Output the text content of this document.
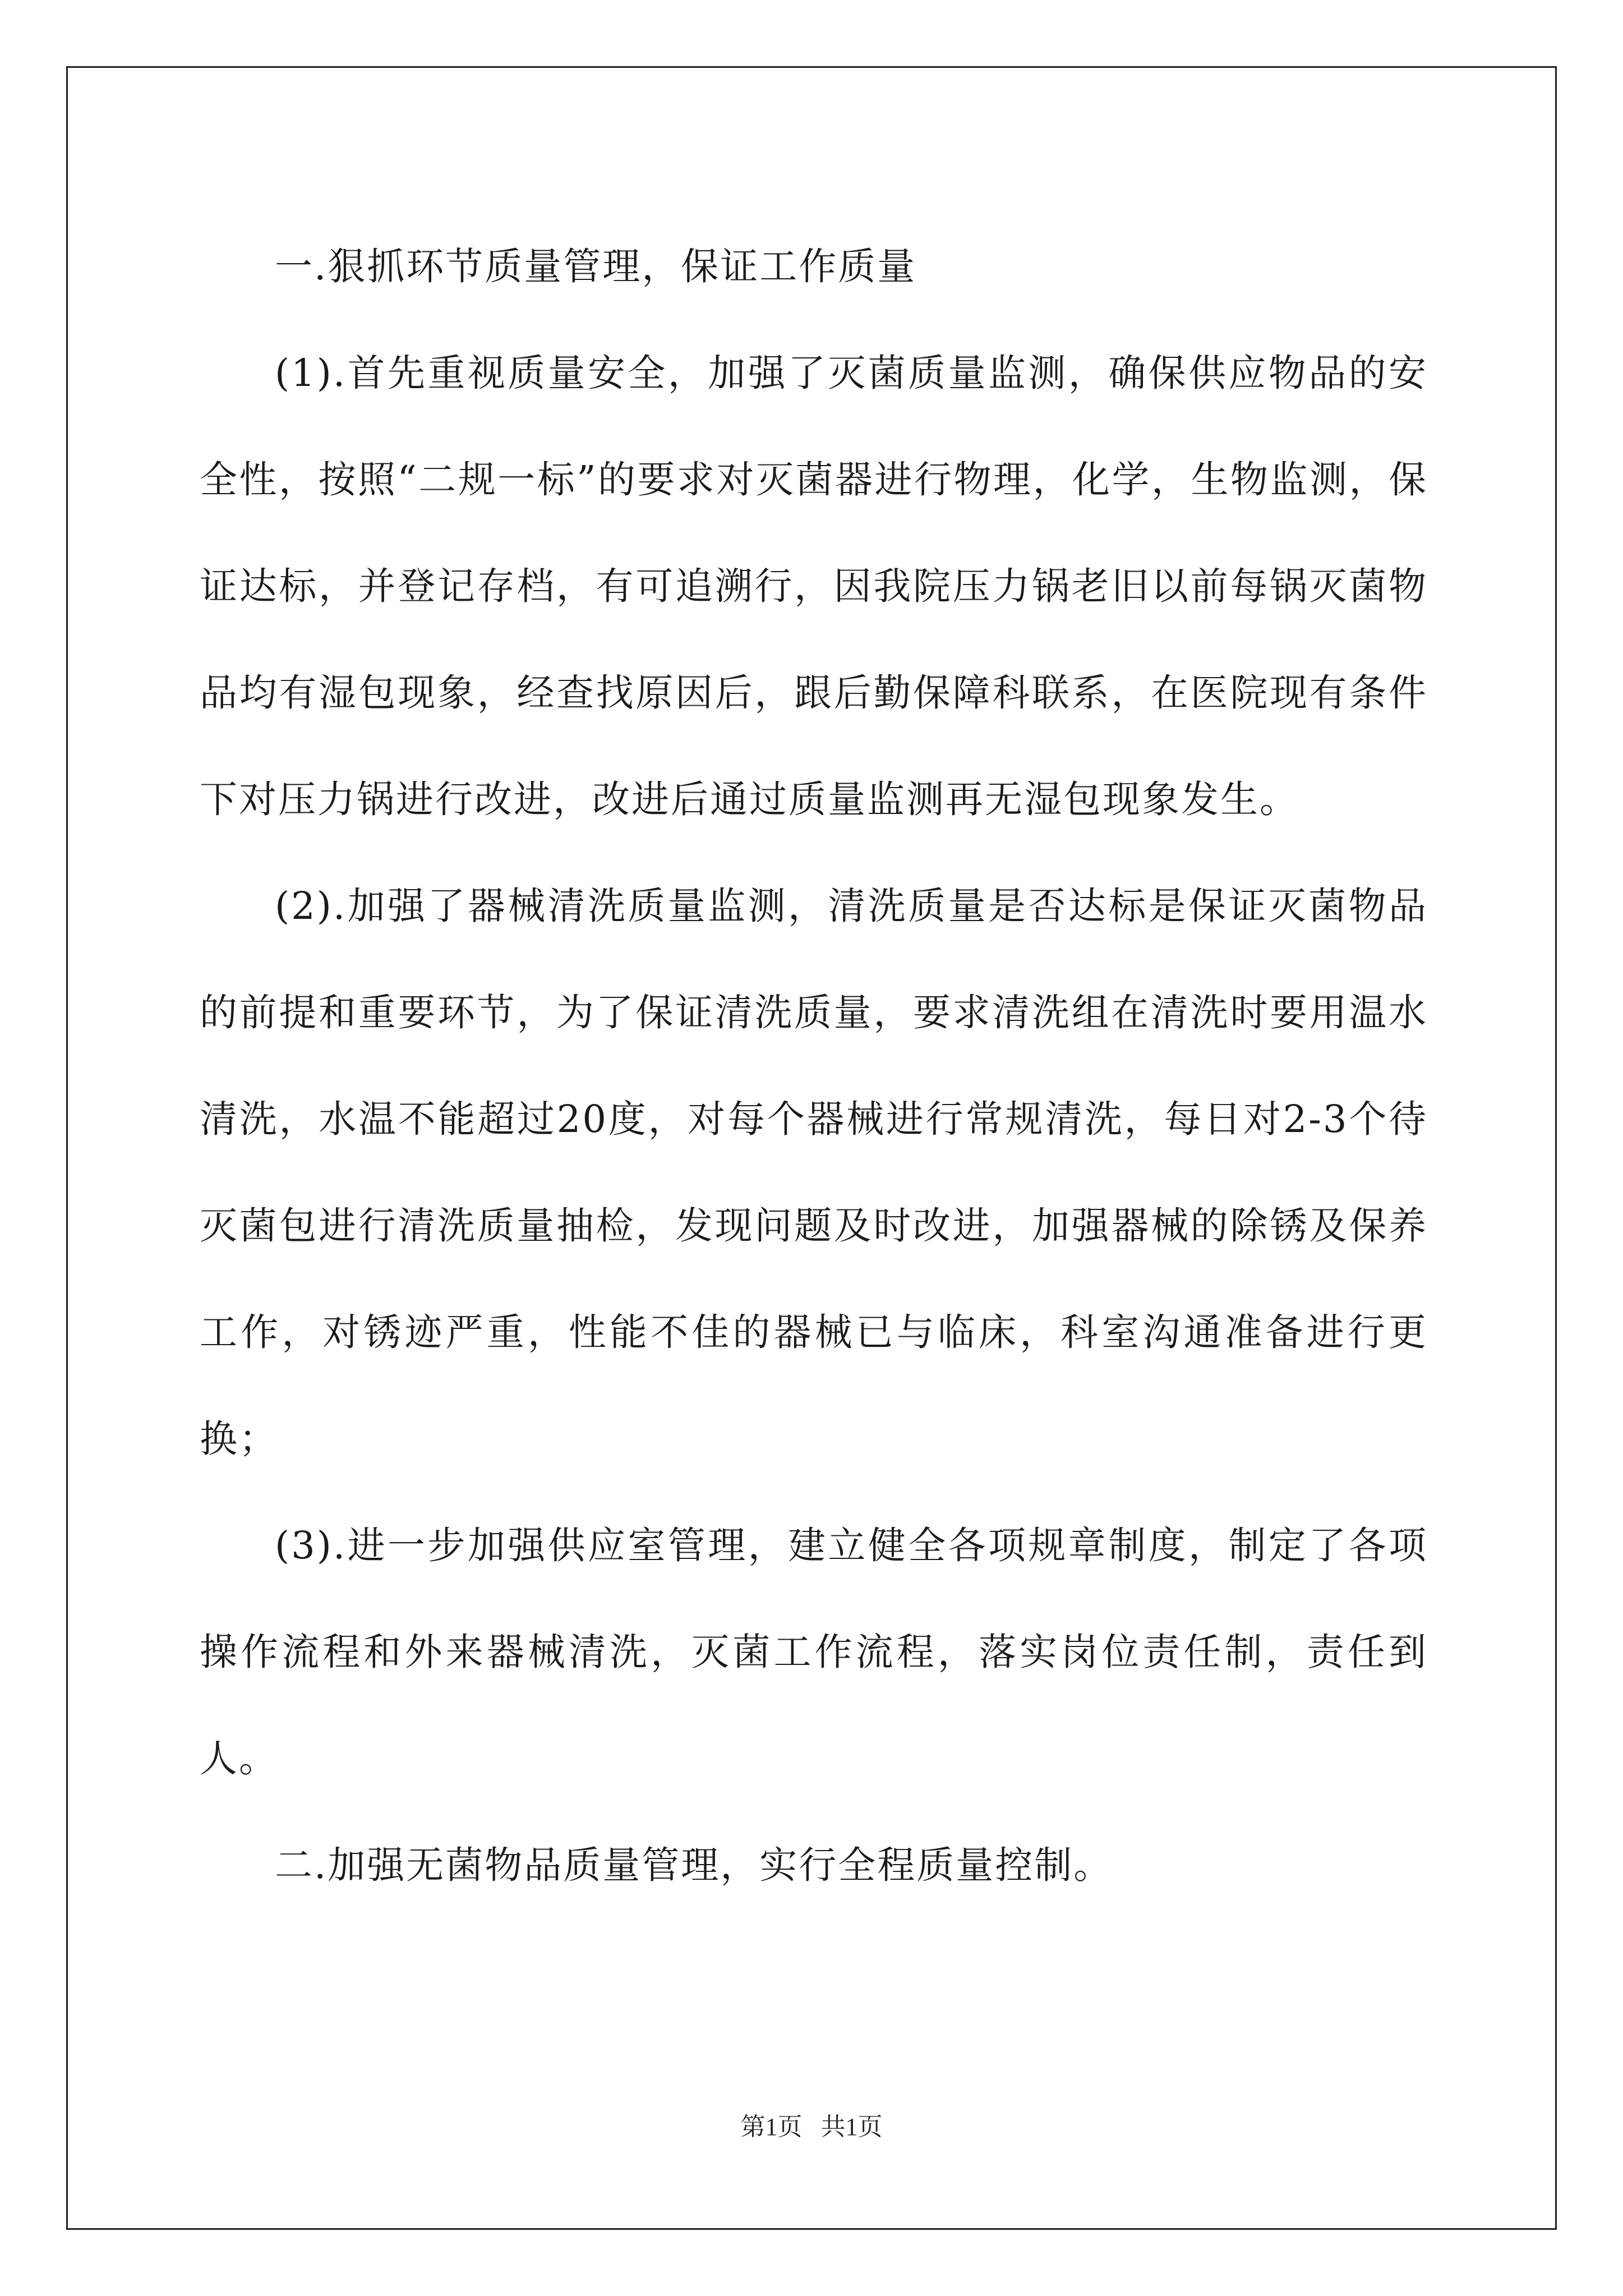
一.狠抓环节质量管理，保证工作质量

(1).首先重视质量安全，加强了灭菌质量监测，确保供应物品的安全性，按照“二规一标”的要求对灭菌器进行物理，化学，生物监测，保证达标，并登记存档，有可追溯行，因我院压力锅老旧以前每锅灭菌物品均有湿包现象，经查找原因后，跟后勤保障科联系，在医院现有条件下对压力锅进行改进，改进后通过质量监测再无湿包现象发生。

(2).加强了器械清洗质量监测，清洗质量是否达标是保证灭菌物品的前提和重要环节，为了保证清洗质量，要求清洗组在清洗时要用温水清洗，水温不能超过20度，对每个器械进行常规清洗，每日对2-3个待灭菌包进行清洗质量抽检，发现问题及时改进，加强器械的除锈及保养工作，对锈迹严重，性能不佳的器械已与临床，科室沟通准备进行更换；

(3).进一步加强供应室管理，建立健全各项规章制度，制定了各项操作流程和外来器械清洗，灭菌工作流程，落实岗位责任制，责任到人。

二.加强无菌物品质量管理，实行全程质量控制。

第1页   共1页
